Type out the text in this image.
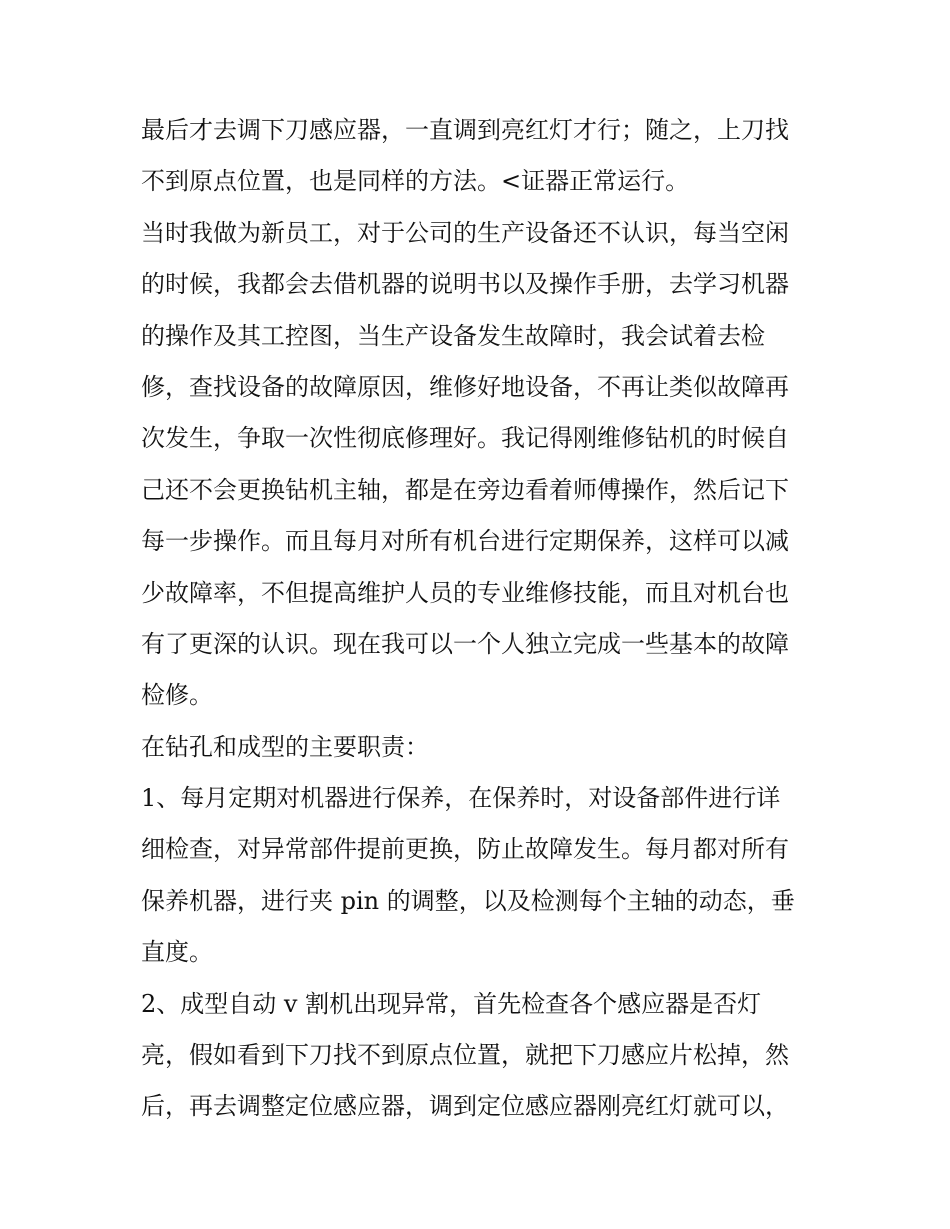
最后才去调下刀感应器，一直调到亮红灯才行；随之，上刀找
不到原点位置，也是同样的方法。<证器正常运行。
当时我做为新员工，对于公司的生产设备还不认识，每当空闲
的时候，我都会去借机器的说明书以及操作手册，去学习机器
的操作及其工控图，当生产设备发生故障时，我会试着去检
修，查找设备的故障原因，维修好地设备，不再让类似故障再
次发生，争取一次性彻底修理好。我记得刚维修钻机的时候自
己还不会更换钻机主轴，都是在旁边看着师傅操作，然后记下
每一步操作。而且每月对所有机台进行定期保养，这样可以减
少故障率，不但提高维护人员的专业维修技能，而且对机台也
有了更深的认识。现在我可以一个人独立完成一些基本的故障
检修。
在钻孔和成型的主要职责：
1、每月定期对机器进行保养，在保养时，对设备部件进行详
细检查，对异常部件提前更换，防止故障发生。每月都对所有
保养机器，进行夹 pin 的调整，以及检测每个主轴的动态，垂
直度。
2、成型自动 v 割机出现异常，首先检查各个感应器是否灯
亮，假如看到下刀找不到原点位置，就把下刀感应片松掉，然
后，再去调整定位感应器，调到定位感应器刚亮红灯就可以，
